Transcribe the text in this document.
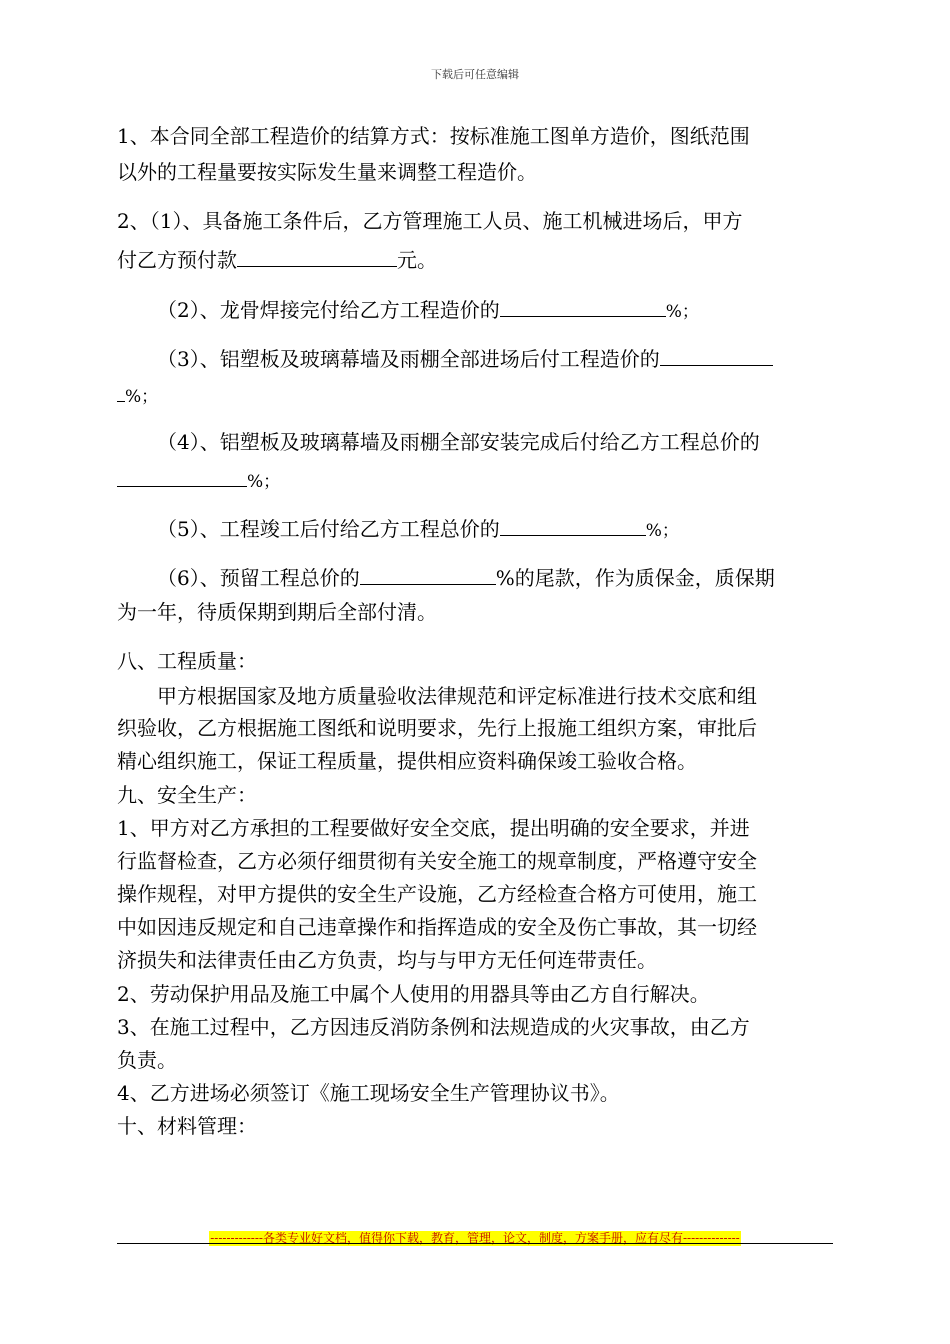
下载后可任意编辑
1、本合同全部工程造价的结算方式：按标准施工图单方造价，图纸范围
以外的工程量要按实际发生量来调整工程造价。
2、（1）、具备施工条件后，乙方管理施工人员、施工机械进场后，甲方
付乙方预付款	元。
（2）、龙骨焊接完付给乙方工程造价的	%；
（3）、铝塑板及玻璃幕墙及雨棚全部进场后付工程造价的
%；
（4）、铝塑板及玻璃幕墙及雨棚全部安装完成后付给乙方工程总价的
%；
（5）、工程竣工后付给乙方工程总价的	%；
（6）、预留工程总价的	%的尾款，作为质保金，质保期
为一年，待质保期到期后全部付清。
八、工程质量：
甲方根据国家及地方质量验收法律规范和评定标准进行技术交底和组
织验收，乙方根据施工图纸和说明要求，先行上报施工组织方案，审批后
精心组织施工，保证工程质量，提供相应资料确保竣工验收合格。
九、安全生产：
1、甲方对乙方承担的工程要做好安全交底，提出明确的安全要求，并进
行监督检查，乙方必须仔细贯彻有关安全施工的规章制度，严格遵守安全
操作规程，对甲方提供的安全生产设施，乙方经检查合格方可使用，施工
中如因违反规定和自己违章操作和指挥造成的安全及伤亡事故，其一切经
济损失和法律责任由乙方负责，均与与甲方无任何连带责任。
2、劳动保护用品及施工中属个人使用的用器具等由乙方自行解决。
3、在施工过程中，乙方因违反消防条例和法规造成的火灾事故，由乙方
负责。
4、乙方进场必须签订《施工现场安全生产管理协议书》。
十、材料管理：
-------------各类专业好文档，值得你下载，教育，管理，论文，制度，方案手册，应有尽有--------------
